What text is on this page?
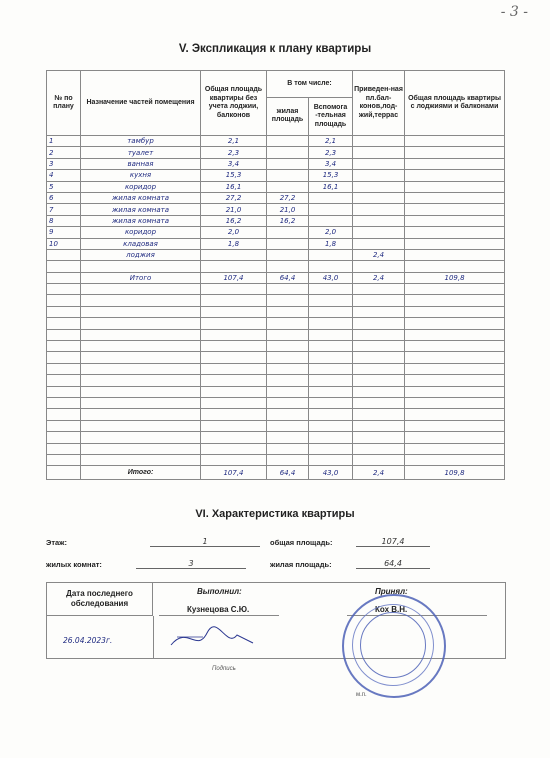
- 3 -
V. Экспликация к плану квартиры
№ по плану	Назначение частей помещения	Общая площадь квартиры без учета лоджии, балконов	В том числе:		Приведен-ная пл.бал-конов,лод-жий,террас	Общая площадь квартиры с лоджиями и балконами
			жилая площадь	Вспомога -тельная площадь		
1	тамбур	2,1		2,1		
2	туалет	2,3		2,3		
3	ванная	3,4		3,4		
4	кухня	15,3		15,3		
5	коридор	16,1		16,1		
6	жилая комната	27,2	27,2			
7	жилая комната	21,0	21,0			
8	жилая комната	16,2	16,2			
9	коридор	2,0		2,0		
10	кладовая	1,8		1,8		
	лоджия				2,4	

	Итого	107,4	64,4	43,0	2,4	109,8

	Итого:	107,4	64,4	43,0	2,4	109,8
VI. Характеристика квартиры
Этаж:	1	общая площадь:	107,4
жилых комнат:	3	жилая площадь:	64,4
Дата последнего обследования
26.04.2023г.
Выполнил:	Принял:
Кузнецова С.Ю.	Кох В.Н.
Подпись
м.п.
